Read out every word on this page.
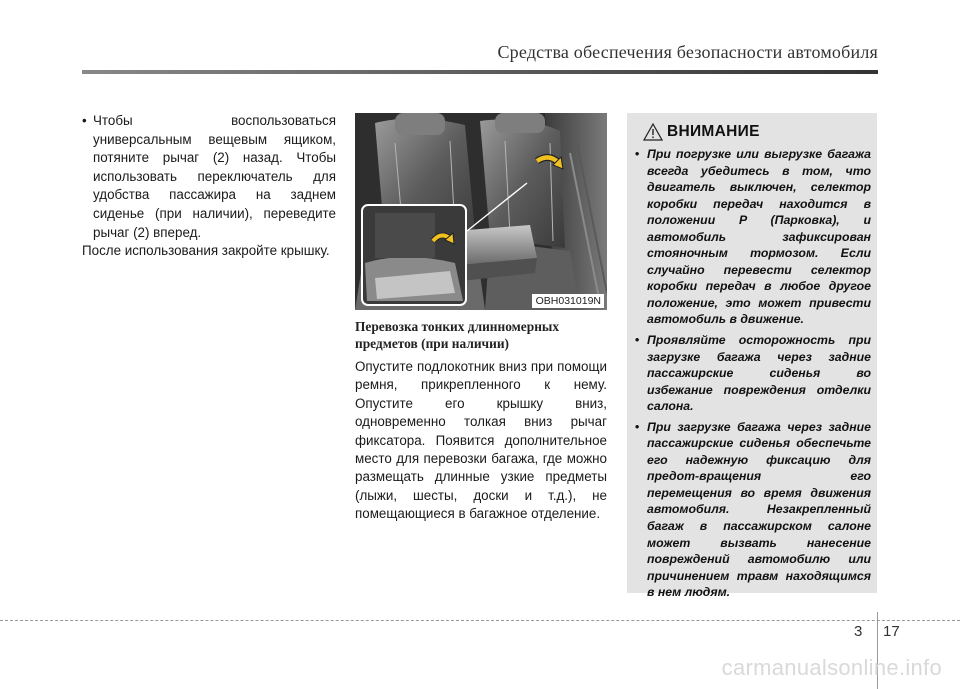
Средства обеспечения безопасности автомобиля
• Чтобы воспользоваться универсальным вещевым ящиком, потяните рычаг (2) назад. Чтобы использовать переключатель для удобства пассажира на заднем сиденье (при наличии), переведите рычаг (2) вперед.

После использования закройте крышку.

OBH031019N

Перевозка тонких длинномерных предметов (при наличии)

Опустите подлокотник вниз при помощи ремня, прикрепленного к нему. Опустите его крышку вниз, одновременно толкая вниз рычаг фиксатора. Появится дополнительное место для перевозки багажа, где можно размещать длинные узкие предметы (лыжи, шесты, доски и т.д.), не помещающиеся в багажное отделение.

ВНИМАНИЕ
• При погрузке или выгрузке багажа всегда убедитесь в том, что двигатель выключен, селектор коробки передач находится в положении P (Парковка), и автомобиль зафиксирован стояночным тормозом. Если случайно перевести селектор коробки передач в любое другое положение, это может привести автомобиль в движение.
• Проявляйте осторожность при загрузке багажа через задние пассажирские сиденья во избежание повреждения отделки салона.
• При загрузке багажа через задние пассажирские сиденья обеспечьте его надежную фиксацию для предот-вращения его перемещения во время движения автомобиля. Незакрепленный багаж в пассажирском салоне может вызвать нанесение повреждений автомобилю или причинением травм находящимся в нем людям.
3 17
carmanualsonline.info
